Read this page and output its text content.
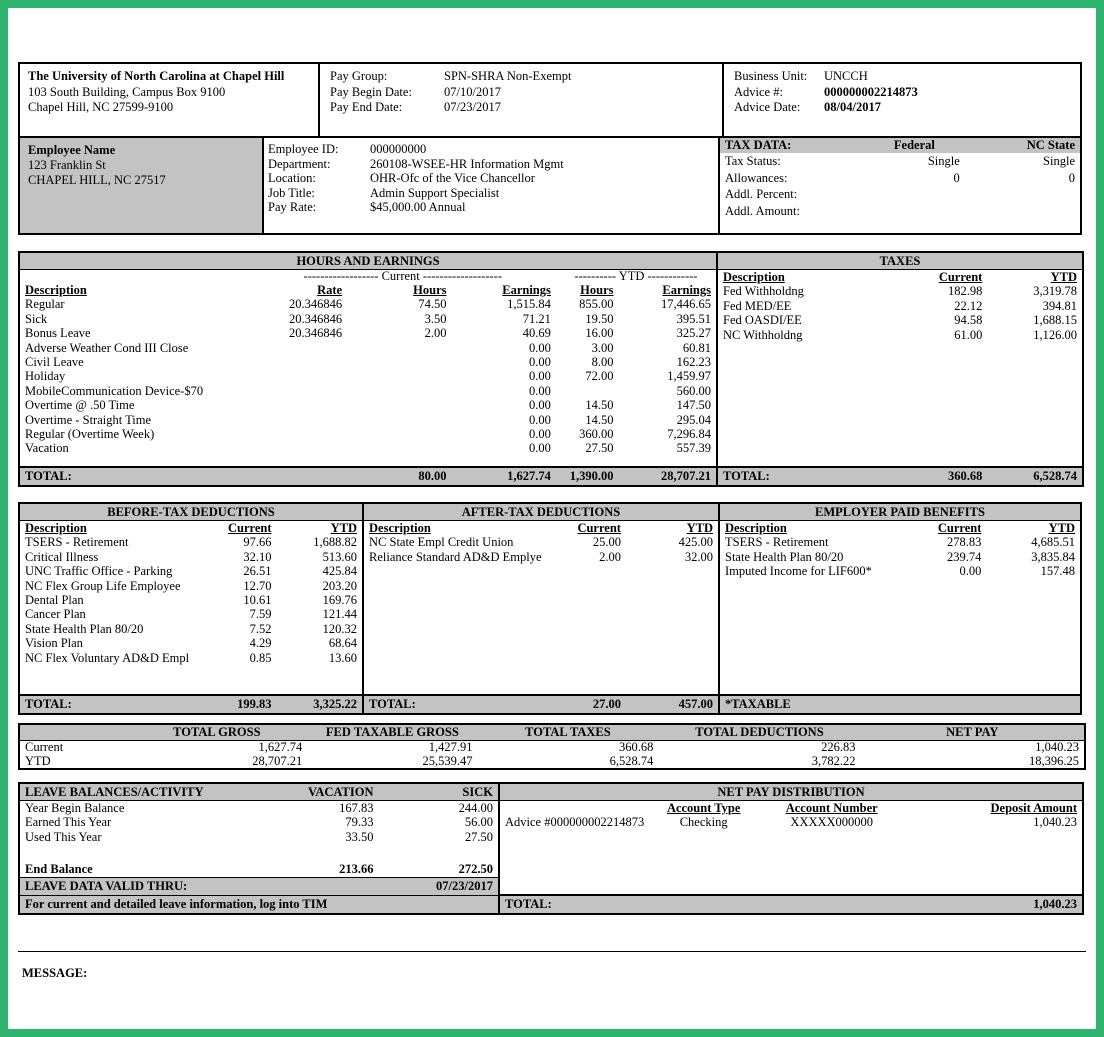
The University of North Carolina at Chapel Hill
103 South Building, Campus Box 9100
Chapel Hill, NC 27599-9100
Pay Group:	SPN-SHRA Non-Exempt
Pay Begin Date:	07/10/2017
Pay End Date:	07/23/2017
Business Unit:	UNCCH
Advice #:	000000002214873
Advice Date:	08/04/2017
Employee Name
123 Franklin St
CHAPEL HILL, NC 27517
Employee ID:	000000000
Department:	260108-WSEE-HR Information Mgmt
Location:	OHR-Ofc of the Vice Chancellor
Job Title:	Admin Support Specialist
Pay Rate:	$45,000.00 Annual
TAX DATA:	Federal	NC State
Tax Status:	Single	Single
Allowances:	0	0
Addl. Percent:		
Addl. Amount:		
HOURS AND EARNINGS
	------------------ Current -------------------			---------- YTD ------------	
Description	Rate	Hours	Earnings	Hours	Earnings
Regular	20.346846	74.50	1,515.84	855.00	17,446.65
Sick	20.346846	3.50	71.21	19.50	395.51
Bonus Leave	20.346846	2.00	40.69	16.00	325.27
Adverse Weather Cond III Close			0.00	3.00	60.81
Civil Leave			0.00	8.00	162.23
Holiday			0.00	72.00	1,459.97
MobileCommunication Device-$70			0.00		560.00
Overtime @ .50 Time			0.00	14.50	147.50
Overtime - Straight Time			0.00	14.50	295.04
Regular (Overtime Week)			0.00	360.00	7,296.84
Vacation			0.00	27.50	557.39
TOTAL:		80.00	1,627.74	1,390.00	28,707.21
TAXES
Description	Current	YTD
Fed Withholdng	182.98	3,319.78
Fed MED/EE	22.12	394.81
Fed OASDI/EE	94.58	1,688.15
NC Withholdng	61.00	1,126.00
TOTAL:	360.68	6,528.74
BEFORE-TAX DEDUCTIONS
Description	Current	YTD
TSERS - Retirement	97.66	1,688.82
Critical Illness	32.10	513.60
UNC Traffic Office - Parking	26.51	425.84
NC Flex Group Life Employee	12.70	203.20
Dental Plan	10.61	169.76
Cancer Plan	7.59	121.44
State Health Plan 80/20	7.52	120.32
Vision Plan	4.29	68.64
NC Flex Voluntary AD&D Empl	0.85	13.60
TOTAL:	199.83	3,325.22
AFTER-TAX DEDUCTIONS
Description	Current	YTD
NC State Empl Credit Union	25.00	425.00
Reliance Standard AD&D Emplye	2.00	32.00
TOTAL:	27.00	457.00
EMPLOYER PAID BENEFITS
Description	Current	YTD
TSERS - Retirement	278.83	4,685.51
State Health Plan 80/20	239.74	3,835.84
Imputed Income for LIF600*	0.00	157.48
*TAXABLE
	TOTAL GROSS	FED TAXABLE GROSS	TOTAL TAXES	TOTAL DEDUCTIONS	NET PAY
Current	1,627.74	1,427.91	360.68	226.83	1,040.23
YTD	28,707.21	25,539.47	6,528.74	3,782.22	18,396.25
LEAVE BALANCES/ACTIVITY	VACATION	SICK
Year Begin Balance	167.83	244.00
Earned This Year	79.33	56.00
Used This Year	33.50	27.50

End Balance	213.66	272.50
LEAVE DATA VALID THRU:	07/23/2017
For current and detailed leave information, log into TIM
NET PAY DISTRIBUTION
	Account Type	Account Number	Deposit Amount
Advice #000000002214873	Checking	XXXXX000000	1,040.23
TOTAL:	1,040.23
MESSAGE:
